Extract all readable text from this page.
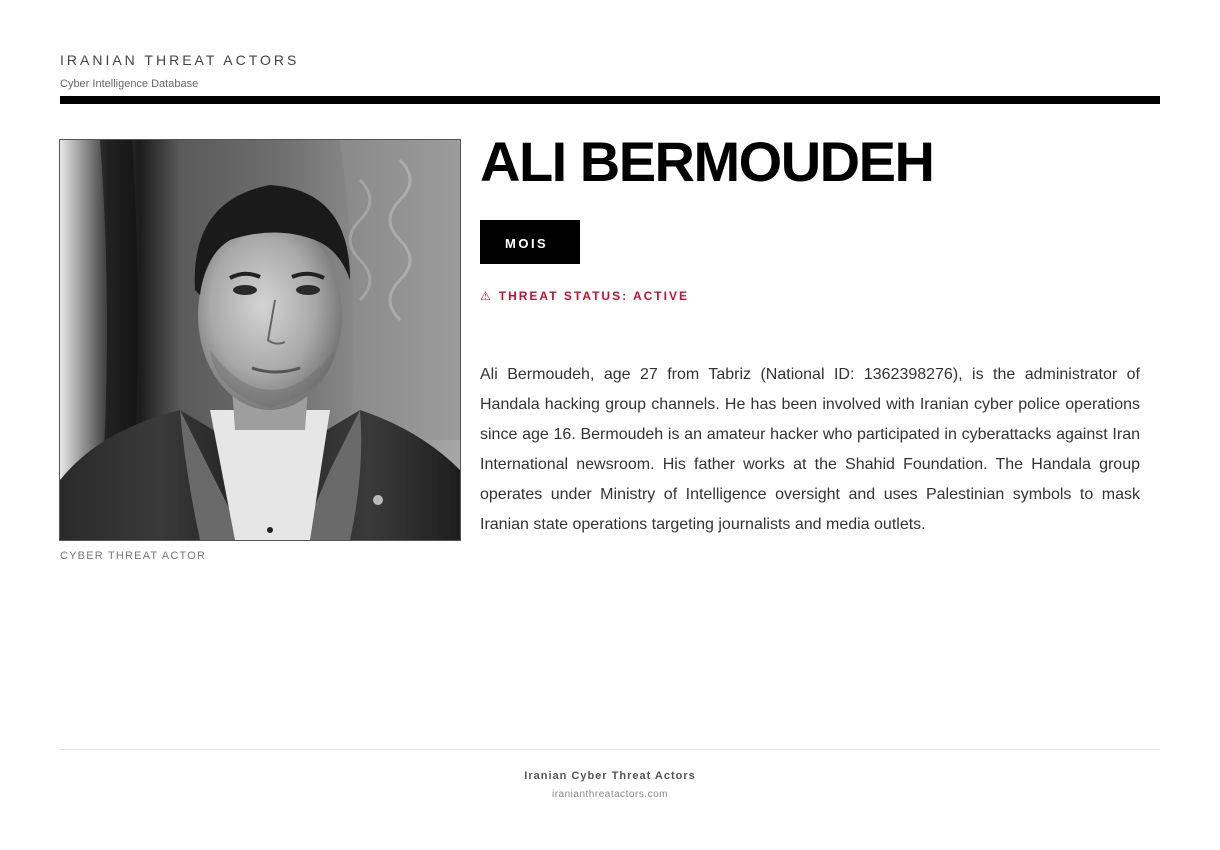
IRANIAN THREAT ACTORS
Cyber Intelligence Database
CYBER THREAT ACTOR
ALI BERMOUDEH
MOIS
⚠ THREAT STATUS: ACTIVE

Ali Bermoudeh, age 27 from Tabriz (National ID: 1362398276), is the administrator of Handala hacking group channels. He has been involved with Iranian cyber police operations since age 16. Bermoudeh is an amateur hacker who participated in cyberattacks against Iran International newsroom. His father works at the Shahid Foundation. The Handala group operates under Ministry of Intelligence oversight and uses Palestinian symbols to mask Iranian state operations targeting journalists and media outlets.

Iranian Cyber Threat Actors
iranianthreatactors.com
